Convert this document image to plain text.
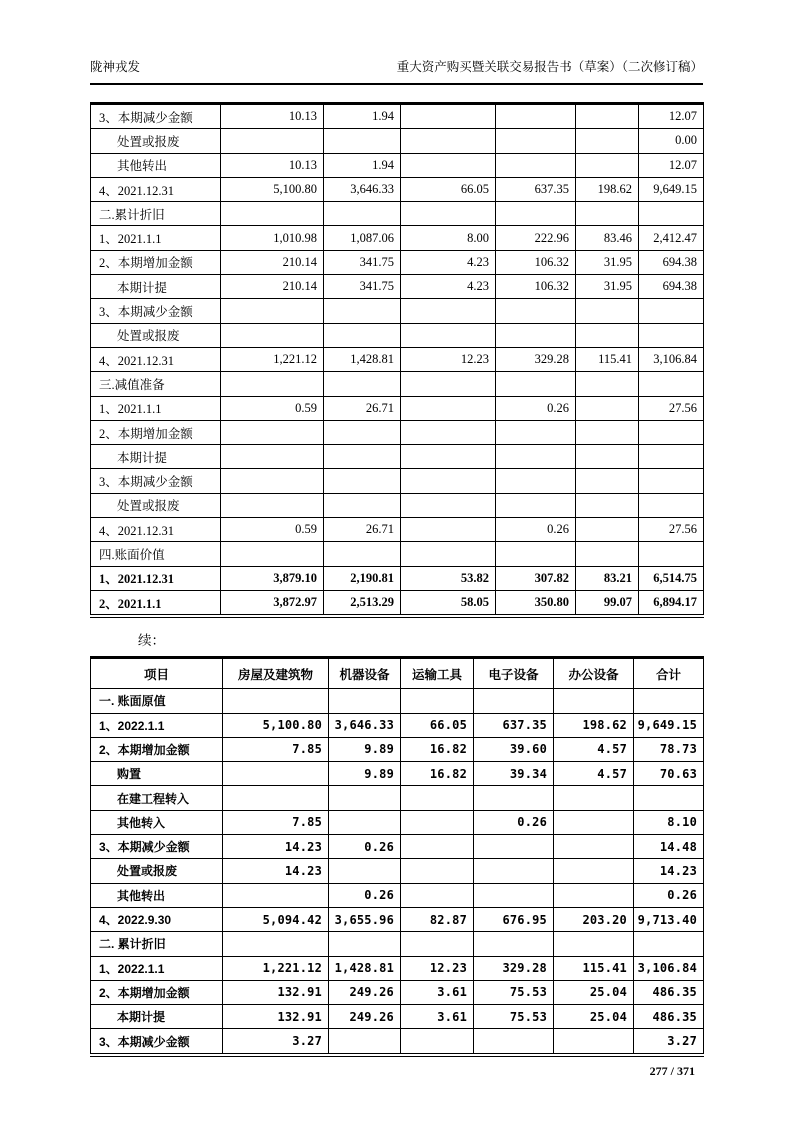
陇神戎发	重大资产购买暨关联交易报告书（草案）（二次修订稿）
3、本期减少金额	10.13	1.94				12.07
处置或报废						0.00
其他转出	10.13	1.94				12.07
4、2021.12.31	5,100.80	3,646.33	66.05	637.35	198.62	9,649.15
二.累计折旧						
1、2021.1.1	1,010.98	1,087.06	8.00	222.96	83.46	2,412.47
2、本期增加金额	210.14	341.75	4.23	106.32	31.95	694.38
本期计提	210.14	341.75	4.23	106.32	31.95	694.38
3、本期减少金额						
处置或报废						
4、2021.12.31	1,221.12	1,428.81	12.23	329.28	115.41	3,106.84
三.减值准备						
1、2021.1.1	0.59	26.71		0.26		27.56
2、本期增加金额						
本期计提						
3、本期减少金额						
处置或报废						
4、2021.12.31	0.59	26.71		0.26		27.56
四.账面价值						
1、2021.12.31	3,879.10	2,190.81	53.82	307.82	83.21	6,514.75
2、2021.1.1	3,872.97	2,513.29	58.05	350.80	99.07	6,894.17
续：
项目	房屋及建筑物	机器设备	运输工具	电子设备	办公设备	合计
一. 账面原值						
1、2022.1.1	5,100.80	3,646.33	66.05	637.35	198.62	9,649.15
2、本期增加金额	7.85	9.89	16.82	39.60	4.57	78.73
购置		9.89	16.82	39.34	4.57	70.63
在建工程转入						
其他转入	7.85			0.26		8.10
3、本期减少金额	14.23	0.26				14.48
处置或报废	14.23					14.23
其他转出		0.26				0.26
4、2022.9.30	5,094.42	3,655.96	82.87	676.95	203.20	9,713.40
二. 累计折旧						
1、2022.1.1	1,221.12	1,428.81	12.23	329.28	115.41	3,106.84
2、本期增加金额	132.91	249.26	3.61	75.53	25.04	486.35
本期计提	132.91	249.26	3.61	75.53	25.04	486.35
3、本期减少金额	3.27					3.27
277 / 371
